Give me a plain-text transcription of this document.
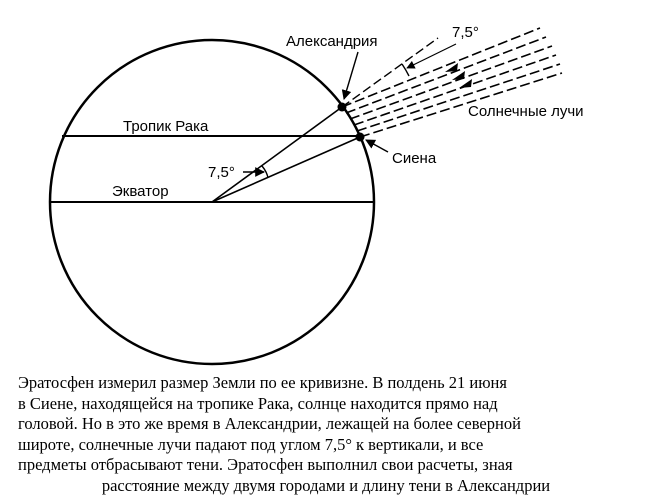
Александрия
7,5°
Солнечные лучи
Тропик Рака
7,5°
Сиена
Экватор

Эратосфен измерил размер Земли по ее кривизне. В полдень 21 июня
в Сиене, находящейся на тропике Рака, солнце находится прямо над
головой. Но в это же время в Александрии, лежащей на более северной
широте, солнечные лучи падают под углом 7,5° к вертикали, и все
предметы отбрасывают тени. Эратосфен выполнил свои расчеты, зная
расстояние между двумя городами и длину тени в Александрии
